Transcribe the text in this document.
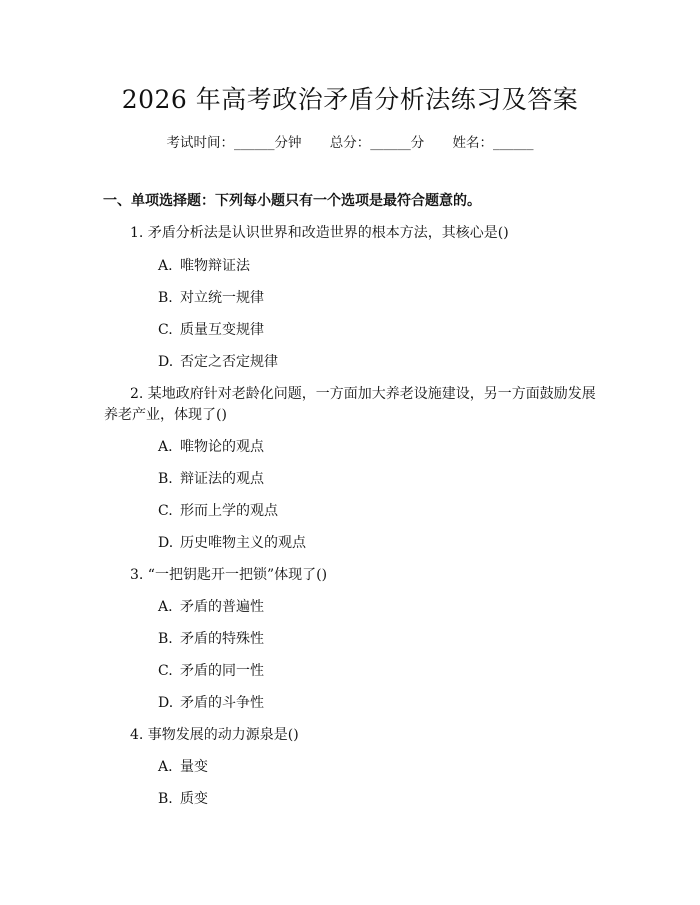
2026 年高考政治矛盾分析法练习及答案
考试时间：______分钟 总分：______分 姓名：______
一、单项选择题：下列每小题只有一个选项是最符合题意的。
1. 矛盾分析法是认识世界和改造世界的根本方法，其核心是()
A. 唯物辩证法
B. 对立统一规律
C. 质量互变规律
D. 否定之否定规律
2. 某地政府针对老龄化问题，一方面加大养老设施建设，另一方面鼓励发展
养老产业，体现了()
A. 唯物论的观点
B. 辩证法的观点
C. 形而上学的观点
D. 历史唯物主义的观点
3. “一把钥匙开一把锁”体现了()
A. 矛盾的普遍性
B. 矛盾的特殊性
C. 矛盾的同一性
D. 矛盾的斗争性
4. 事物发展的动力源泉是()
A. 量变
B. 质变
